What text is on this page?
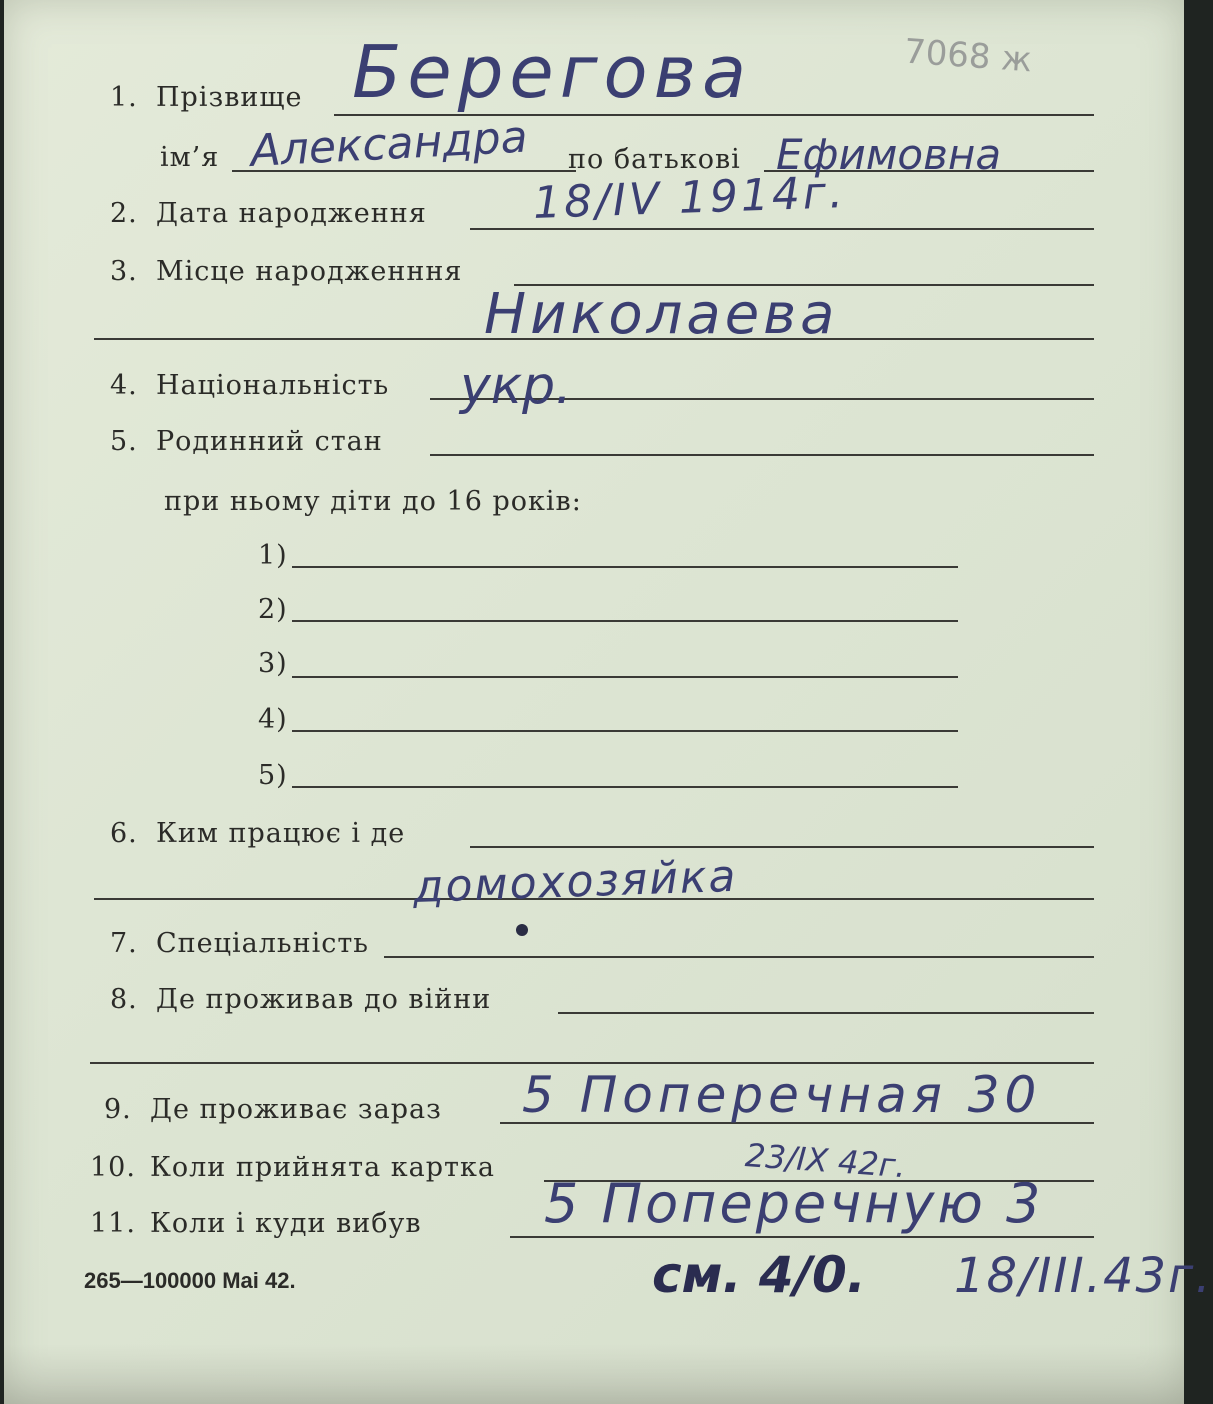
7068 ж
1. Прізвище Берегова
ім’я Александра по батькові Ефимовна
2. Дата народження 18/IV 1914г.
3. Місце народженння
Николаева
4. Національність укр.
5. Родинний стан
при ньому діти до 16 років:
1)
2)
3)
4)
5)
6. Ким працює і де
домохозяйка
7. Спеціальність
8. Де проживав до війни
9. Де проживає зараз 5 Поперечная 30
10. Коли прийнята картка	23/IX 42г.
11. Коли і куди вибув 5 Поперечную 3
см. 4/0. 18/III.43г.
265—100000 Mai 42.
